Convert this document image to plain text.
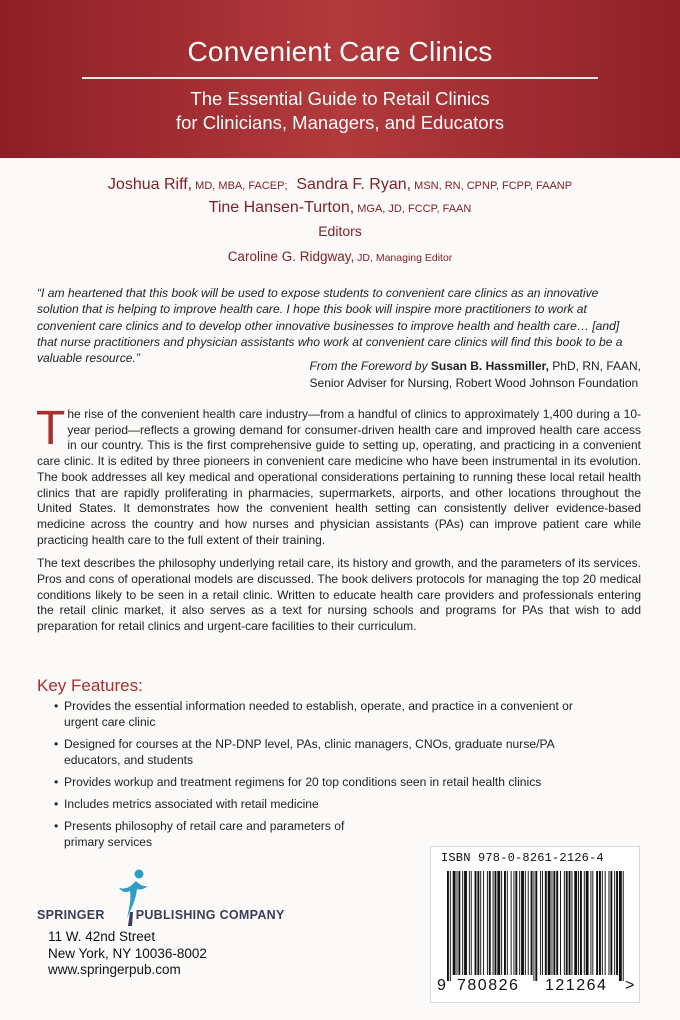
Convenient Care Clinics
The Essential Guide to Retail Clinics
for Clinicians, Managers, and Educators
Joshua Riff, MD, MBA, FACEP; Sandra F. Ryan, MSN, RN, CPNP, FCPP, FAANP
Tine Hansen-Turton, MGA, JD, FCCP, FAAN
Editors
Caroline G. Ridgway, JD, Managing Editor

“I am heartened that this book will be used to expose students to convenient care clinics as an innovative solution that is helping to improve health care. I hope this book will inspire more practitioners to work at convenient care clinics and to develop other innovative businesses to improve health and health care… [and] that nurse practitioners and physician assistants who work at convenient care clinics will find this book to be a valuable resource.”

From the Foreword by Susan B. Hassmiller, PhD, RN, FAAN,
Senior Adviser for Nursing, Robert Wood Johnson Foundation

The rise of the convenient health care industry—from a handful of clinics to approximately 1,400 during a 10-year period—reflects a growing demand for consumer-driven health care and improved health care access in our country. This is the first comprehensive guide to setting up, operating, and practicing in a convenient care clinic. It is edited by three pioneers in convenient care medicine who have been instrumental in its evolution. The book addresses all key medical and operational considerations pertaining to running these local retail health clinics that are rapidly proliferating in pharmacies, supermarkets, airports, and other locations throughout the United States. It demonstrates how the convenient health setting can consistently deliver evidence-based medicine across the country and how nurses and physician assistants (PAs) can improve patient care while practicing health care to the full extent of their training.

The text describes the philosophy underlying retail care, its history and growth, and the parameters of its services. Pros and cons of operational models are discussed. The book delivers protocols for managing the top 20 medical conditions likely to be seen in a retail clinic. Written to educate health care providers and professionals entering the retail clinic market, it also serves as a text for nursing schools and programs for PAs that wish to add preparation for retail clinics and urgent-care facilities to their curriculum.

Key Features:
• Provides the essential information needed to establish, operate, and practice in a convenient or urgent care clinic
• Designed for courses at the NP-DNP level, PAs, clinic managers, CNOs, graduate nurse/PA educators, and students
• Provides workup and treatment regimens for 20 top conditions seen in retail health clinics
• Includes metrics associated with retail medicine
• Presents philosophy of retail care and parameters of primary services
SPRINGER PUBLISHING COMPANY
11 W. 42nd Street
New York, NY 10036-8002
www.springerpub.com
ISBN 978-0-8261-2126-4
9 780826 121264 >
